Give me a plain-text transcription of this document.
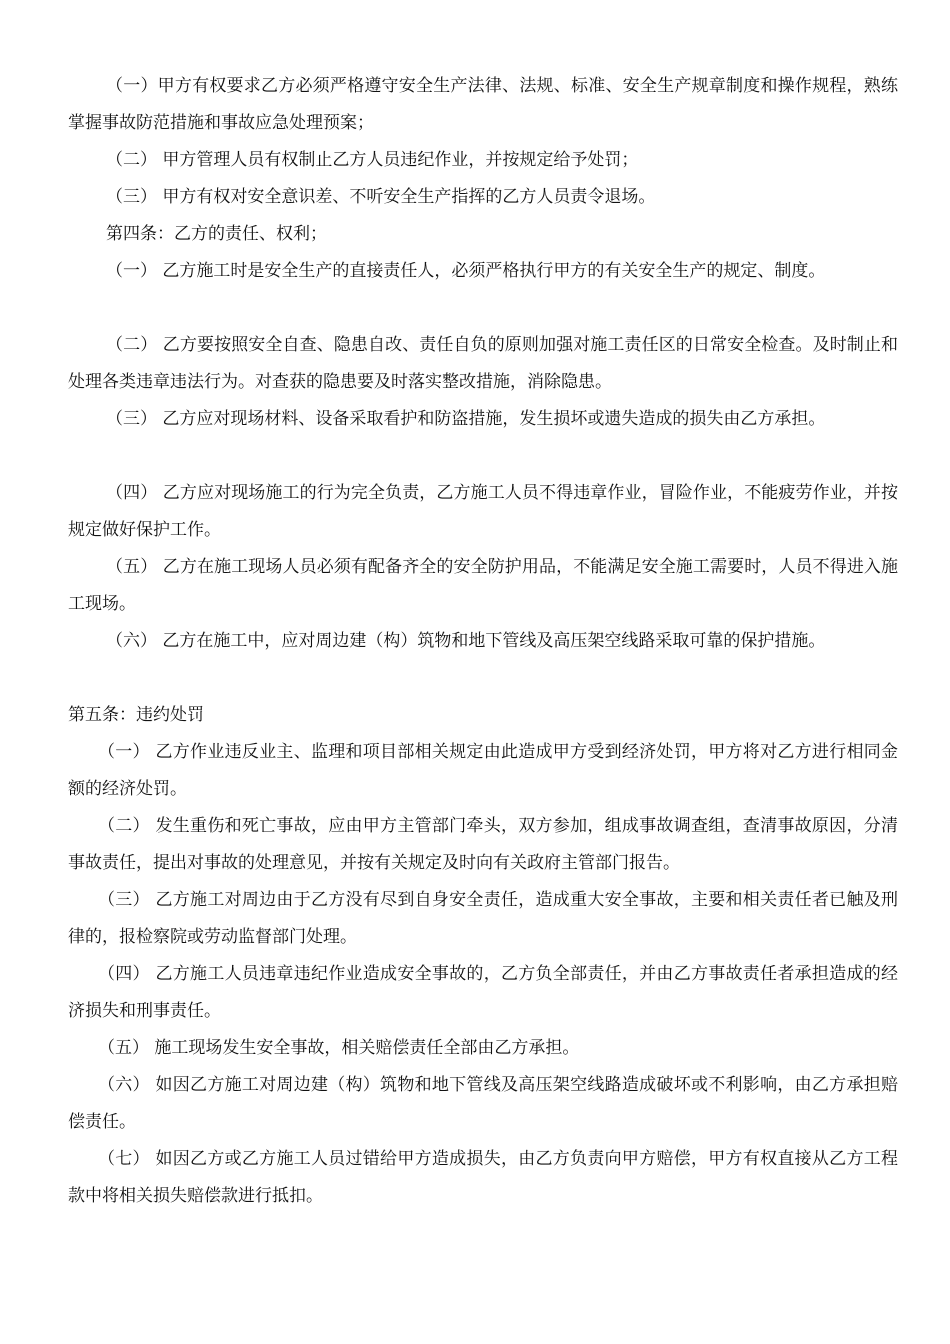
（一）甲方有权要求乙方必须严格遵守安全生产法律、法规、标准、安全生产规章制度和操作规程，熟练掌握事故防范措施和事故应急处理预案；

（二） 甲方管理人员有权制止乙方人员违纪作业，并按规定给予处罚；

（三） 甲方有权对安全意识差、不听安全生产指挥的乙方人员责令退场。

第四条：乙方的责任、权利；

（一） 乙方施工时是安全生产的直接责任人，必须严格执行甲方的有关安全生产的规定、制度。

（二） 乙方要按照安全自查、隐患自改、责任自负的原则加强对施工责任区的日常安全检查。及时制止和处理各类违章违法行为。对查获的隐患要及时落实整改措施，消除隐患。

（三） 乙方应对现场材料、设备采取看护和防盗措施，发生损坏或遗失造成的损失由乙方承担。

（四） 乙方应对现场施工的行为完全负责，乙方施工人员不得违章作业，冒险作业，不能疲劳作业，并按规定做好保护工作。

（五） 乙方在施工现场人员必须有配备齐全的安全防护用品，不能满足安全施工需要时，人员不得进入施工现场。

（六） 乙方在施工中，应对周边建（构）筑物和地下管线及高压架空线路采取可靠的保护措施。

第五条：违约处罚

（一） 乙方作业违反业主、监理和项目部相关规定由此造成甲方受到经济处罚，甲方将对乙方进行相同金额的经济处罚。

（二） 发生重伤和死亡事故，应由甲方主管部门牵头，双方参加，组成事故调查组，查清事故原因，分清事故责任，提出对事故的处理意见，并按有关规定及时向有关政府主管部门报告。

（三） 乙方施工对周边由于乙方没有尽到自身安全责任，造成重大安全事故，主要和相关责任者已触及刑律的，报检察院或劳动监督部门处理。

（四） 乙方施工人员违章违纪作业造成安全事故的，乙方负全部责任，并由乙方事故责任者承担造成的经济损失和刑事责任。

（五） 施工现场发生安全事故，相关赔偿责任全部由乙方承担。

（六） 如因乙方施工对周边建（构）筑物和地下管线及高压架空线路造成破坏或不利影响，由乙方承担赔偿责任。

（七） 如因乙方或乙方施工人员过错给甲方造成损失，由乙方负责向甲方赔偿，甲方有权直接从乙方工程款中将相关损失赔偿款进行抵扣。
